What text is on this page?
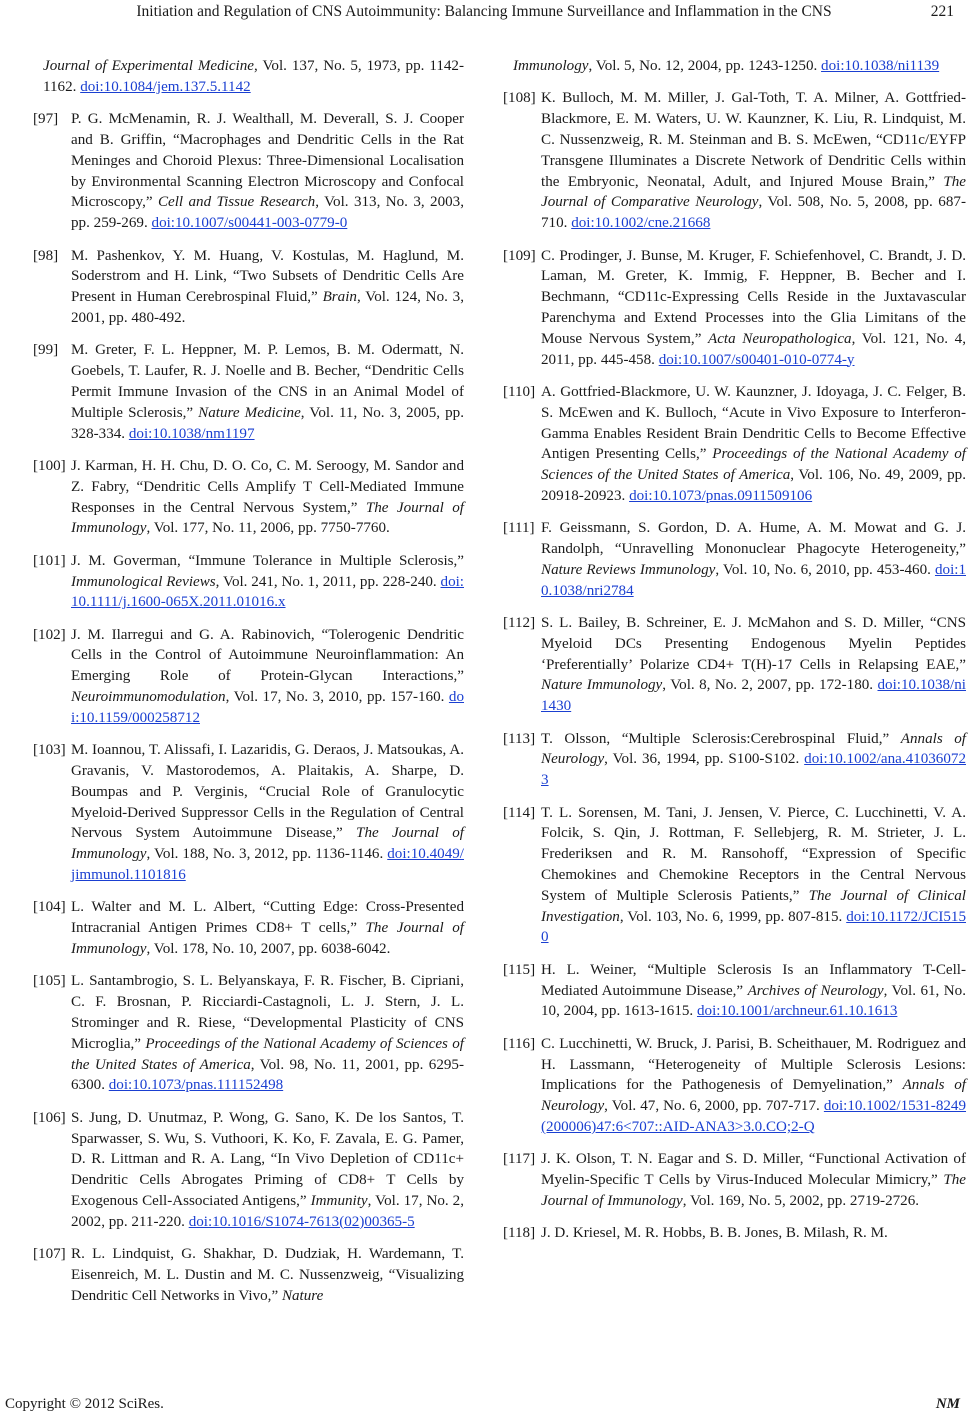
Initiation and Regulation of CNS Autoimmunity: Balancing Immune Surveillance and Inflammation in the CNS	221
Journal of Experimental Medicine, Vol. 137, No. 5, 1973, pp. 1142-1162. doi:10.1084/jem.137.5.1142
[97] P. G. McMenamin, R. J. Wealthall, M. Deverall, S. J. Cooper and B. Griffin, “Macrophages and Dendritic Cells in the Rat Meninges and Choroid Plexus: Three-Dimensional Localisation by Environmental Scanning Electron Microscopy and Confocal Microscopy,” Cell and Tissue Research, Vol. 313, No. 3, 2003, pp. 259-269. doi:10.1007/s00441-003-0779-0
[98] M. Pashenkov, Y. M. Huang, V. Kostulas, M. Haglund, M. Soderstrom and H. Link, “Two Subsets of Dendritic Cells Are Present in Human Cerebrospinal Fluid,” Brain, Vol. 124, No. 3, 2001, pp. 480-492.
[99] M. Greter, F. L. Heppner, M. P. Lemos, B. M. Odermatt, N. Goebels, T. Laufer, R. J. Noelle and B. Becher, “Dendritic Cells Permit Immune Invasion of the CNS in an Animal Model of Multiple Sclerosis,” Nature Medicine, Vol. 11, No. 3, 2005, pp. 328-334. doi:10.1038/nm1197
[100] J. Karman, H. H. Chu, D. O. Co, C. M. Seroogy, M. Sandor and Z. Fabry, “Dendritic Cells Amplify T Cell-Mediated Immune Responses in the Central Nervous System,” The Journal of Immunology, Vol. 177, No. 11, 2006, pp. 7750-7760.
[101] J. M. Goverman, “Immune Tolerance in Multiple Sclerosis,” Immunological Reviews, Vol. 241, No. 1, 2011, pp. 228-240. doi:10.1111/j.1600-065X.2011.01016.x
[102] J. M. Ilarregui and G. A. Rabinovich, “Tolerogenic Dendritic Cells in the Control of Autoimmune Neuroinflammation: An Emerging Role of Protein-Glycan Interactions,” Neuroimmunomodulation, Vol. 17, No. 3, 2010, pp. 157-160. doi:10.1159/000258712
[103] M. Ioannou, T. Alissafi, I. Lazaridis, G. Deraos, J. Matsoukas, A. Gravanis, V. Mastorodemos, A. Plaitakis, A. Sharpe, D. Boumpas and P. Verginis, “Crucial Role of Granulocytic Myeloid-Derived Suppressor Cells in the Regulation of Central Nervous System Autoimmune Disease,” The Journal of Immunology, Vol. 188, No. 3, 2012, pp. 1136-1146. doi:10.4049/jimmunol.1101816
[104] L. Walter and M. L. Albert, “Cutting Edge: Cross-Presented Intracranial Antigen Primes CD8+ T cells,” The Journal of Immunology, Vol. 178, No. 10, 2007, pp. 6038-6042.
[105] L. Santambrogio, S. L. Belyanskaya, F. R. Fischer, B. Cipriani, C. F. Brosnan, P. Ricciardi-Castagnoli, L. J. Stern, J. L. Strominger and R. Riese, “Developmental Plasticity of CNS Microglia,” Proceedings of the National Academy of Sciences of the United States of America, Vol. 98, No. 11, 2001, pp. 6295-6300. doi:10.1073/pnas.111152498
[106] S. Jung, D. Unutmaz, P. Wong, G. Sano, K. De los Santos, T. Sparwasser, S. Wu, S. Vuthoori, K. Ko, F. Zavala, E. G. Pamer, D. R. Littman and R. A. Lang, “In Vivo Depletion of CD11c+ Dendritic Cells Abrogates Priming of CD8+ T Cells by Exogenous Cell-Associated Antigens,” Immunity, Vol. 17, No. 2, 2002, pp. 211-220. doi:10.1016/S1074-7613(02)00365-5
[107] R. L. Lindquist, G. Shakhar, D. Dudziak, H. Wardemann, T. Eisenreich, M. L. Dustin and M. C. Nussenzweig, “Visualizing Dendritic Cell Networks in Vivo,” Nature
Immunology, Vol. 5, No. 12, 2004, pp. 1243-1250. doi:10.1038/ni1139
[108] K. Bulloch, M. M. Miller, J. Gal-Toth, T. A. Milner, A. Gottfried-Blackmore, E. M. Waters, U. W. Kaunzner, K. Liu, R. Lindquist, M. C. Nussenzweig, R. M. Steinman and B. S. McEwen, “CD11c/EYFP Transgene Illuminates a Discrete Network of Dendritic Cells within the Embryonic, Neonatal, Adult, and Injured Mouse Brain,” The Journal of Comparative Neurology, Vol. 508, No. 5, 2008, pp. 687-710. doi:10.1002/cne.21668
[109] C. Prodinger, J. Bunse, M. Kruger, F. Schiefenhovel, C. Brandt, J. D. Laman, M. Greter, K. Immig, F. Heppner, B. Becher and I. Bechmann, “CD11c-Expressing Cells Reside in the Juxtavascular Parenchyma and Extend Processes into the Glia Limitans of the Mouse Nervous System,” Acta Neuropathologica, Vol. 121, No. 4, 2011, pp. 445-458. doi:10.1007/s00401-010-0774-y
[110] A. Gottfried-Blackmore, U. W. Kaunzner, J. Idoyaga, J. C. Felger, B. S. McEwen and K. Bulloch, “Acute in Vivo Exposure to Interferon-Gamma Enables Resident Brain Dendritic Cells to Become Effective Antigen Presenting Cells,” Proceedings of the National Academy of Sciences of the United States of America, Vol. 106, No. 49, 2009, pp. 20918-20923. doi:10.1073/pnas.0911509106
[111] F. Geissmann, S. Gordon, D. A. Hume, A. M. Mowat and G. J. Randolph, “Unravelling Mononuclear Phagocyte Heterogeneity,” Nature Reviews Immunology, Vol. 10, No. 6, 2010, pp. 453-460. doi:10.1038/nri2784
[112] S. L. Bailey, B. Schreiner, E. J. McMahon and S. D. Miller, “CNS Myeloid DCs Presenting Endogenous Myelin Peptides ‘Preferentially’ Polarize CD4+ T(H)-17 Cells in Relapsing EAE,” Nature Immunology, Vol. 8, No. 2, 2007, pp. 172-180. doi:10.1038/ni1430
[113] T. Olsson, “Multiple Sclerosis:Cerebrospinal Fluid,” Annals of Neurology, Vol. 36, 1994, pp. S100-S102. doi:10.1002/ana.410360723
[114] T. L. Sorensen, M. Tani, J. Jensen, V. Pierce, C. Lucchinetti, V. A. Folcik, S. Qin, J. Rottman, F. Sellebjerg, R. M. Strieter, J. L. Frederiksen and R. M. Ransohoff, “Expression of Specific Chemokines and Chemokine Receptors in the Central Nervous System of Multiple Sclerosis Patients,” The Journal of Clinical Investigation, Vol. 103, No. 6, 1999, pp. 807-815. doi:10.1172/JCI5150
[115] H. L. Weiner, “Multiple Sclerosis Is an Inflammatory T-Cell-Mediated Autoimmune Disease,” Archives of Neurology, Vol. 61, No. 10, 2004, pp. 1613-1615. doi:10.1001/archneur.61.10.1613
[116] C. Lucchinetti, W. Bruck, J. Parisi, B. Scheithauer, M. Rodriguez and H. Lassmann, “Heterogeneity of Multiple Sclerosis Lesions: Implications for the Pathogenesis of Demyelination,” Annals of Neurology, Vol. 47, No. 6, 2000, pp. 707-717. doi:10.1002/1531-8249(200006)47:6<707::AID-ANA3>3.0.CO;2-Q
[117] J. K. Olson, T. N. Eagar and S. D. Miller, “Functional Activation of Myelin-Specific T Cells by Virus-Induced Molecular Mimicry,” The Journal of Immunology, Vol. 169, No. 5, 2002, pp. 2719-2726.
[118] J. D. Kriesel, M. R. Hobbs, B. B. Jones, B. Milash, R. M.
Copyright © 2012 SciRes.	NM
